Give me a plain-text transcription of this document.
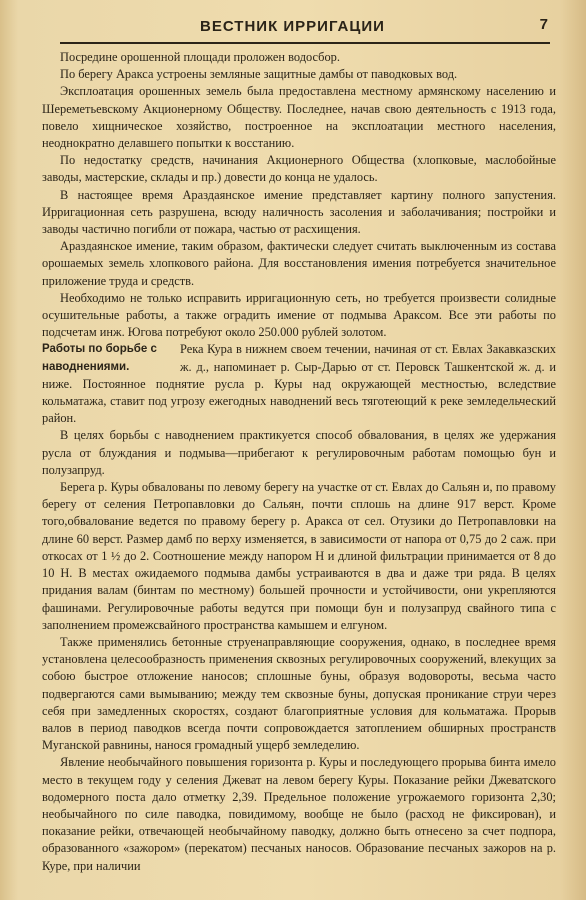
ВЕСТНИК ИРРИГАЦИИ	7

Посредине орошенной площади проложен водосбор.

По берегу Аракса устроены земляные защитные дамбы от паводковых вод.

Эксплоатация орошенных земель была предоставлена местному армянскому населению и Шереметьевскому Акционерному Обществу. Последнее, начав свою деятельность с 1913 года, повело хищническое хозяйство, построенное на эксплоатации местного населения, неоднократно делавшего попытки к восстанию.

По недостатку средств, начинания Акционерного Общества (хлопковые, маслобойные заводы, мастерские, склады и пр.) довести до конца не удалось.

В настоящее время Араздаянское имение представляет картину полного запустения. Ирригационная сеть разрушена, всюду наличность засоления и заболачивания; постройки и заводы частично погибли от пожара, частью от расхищения.

Араздаянское имение, таким образом, фактически следует считать выключенным из состава орошаемых земель хлопкового района. Для восстановления имения потребуется значительное приложение труда и средств.

Необходимо не только исправить ирригационную сеть, но требуется произвести солидные осушительные работы, а также оградить имение от подмыва Араксом. Все эти работы по подсчетам инж. Югова потребуют около 250.000 рублей золотом.

Работы по борьбе с наводнениями.

Река Кура в нижнем своем течении, начиная от ст. Евлах Закавказских ж. д., напоминает р. Сыр-Дарью от ст. Перовск Ташкентской ж. д. и ниже. Постоянное поднятие русла р. Куры над окружающей местностью, вследствие кольматажа, ставит под угрозу ежегодных наводнений весь тяготеющий к реке земледельческий район.

В целях борьбы с наводнением практикуется способ обвалования, в целях же удержания русла от блуждания и подмыва—прибегают к регулировочным работам помощью бун и полузапруд.

Берега р. Куры обвалованы по левому берегу на участке от ст. Евлах до Сальян и, по правому берегу от селения Петропавловки до Сальян, почти сплошь на длине 917 верст. Кроме того,обвалование ведется по правому берегу р. Аракса от сел. Отузики до Петропавловки на длине 60 верст. Размер дамб по верху изменяется, в зависимости от напора от 0,75 до 2 саж. при откосах от 1 ½ до 2. Соотношение между напором Н и длиной фильтрации принимается от 8 до 10 Н. В местах ожидаемого подмыва дамбы устраиваются в два и даже три ряда. В целях придания валам (бинтам по местному) большей прочности и устойчивости, они укрепляются фашинами. Регулировочные работы ведутся при помощи бун и полузапруд свайного типа с заполнением промежсвайного пространства камышем и елгуном.

Также применялись бетонные струенаправляющие сооружения, однако, в последнее время установлена целесообразность применения сквозных регулировочных сооружений, влекущих за собою быстрое отложение наносов; сплошные буны, образуя водовороты, весьма часто подвергаются сами вымыванию; между тем сквозные буны, допуская проникание струи через себя при замедленных скоростях, создают благоприятные условия для кольматажа. Прорыв валов в период паводков всегда почти сопровождается затоплением обширных пространств Муганской равнины, нанося громадный ущерб земледелию.

Явление необычайного повышения горизонта р. Куры и последующего прорыва бинта имело место в текущем году у селения Джеват на левом берегу Куры. Показание рейки Джеватского водомерного поста дало отметку 2,39. Предельное положение угрожаемого горизонта 2,30; необычайного по силе паводка, повидимому, вообще не было (расход не фиксирован), и показание рейки, отвечающей необычайному паводку, должно быть отнесено за счет подпора, образованного «зажором» (перекатом) песчаных наносов. Образование песчаных зажоров на р. Куре, при наличии
